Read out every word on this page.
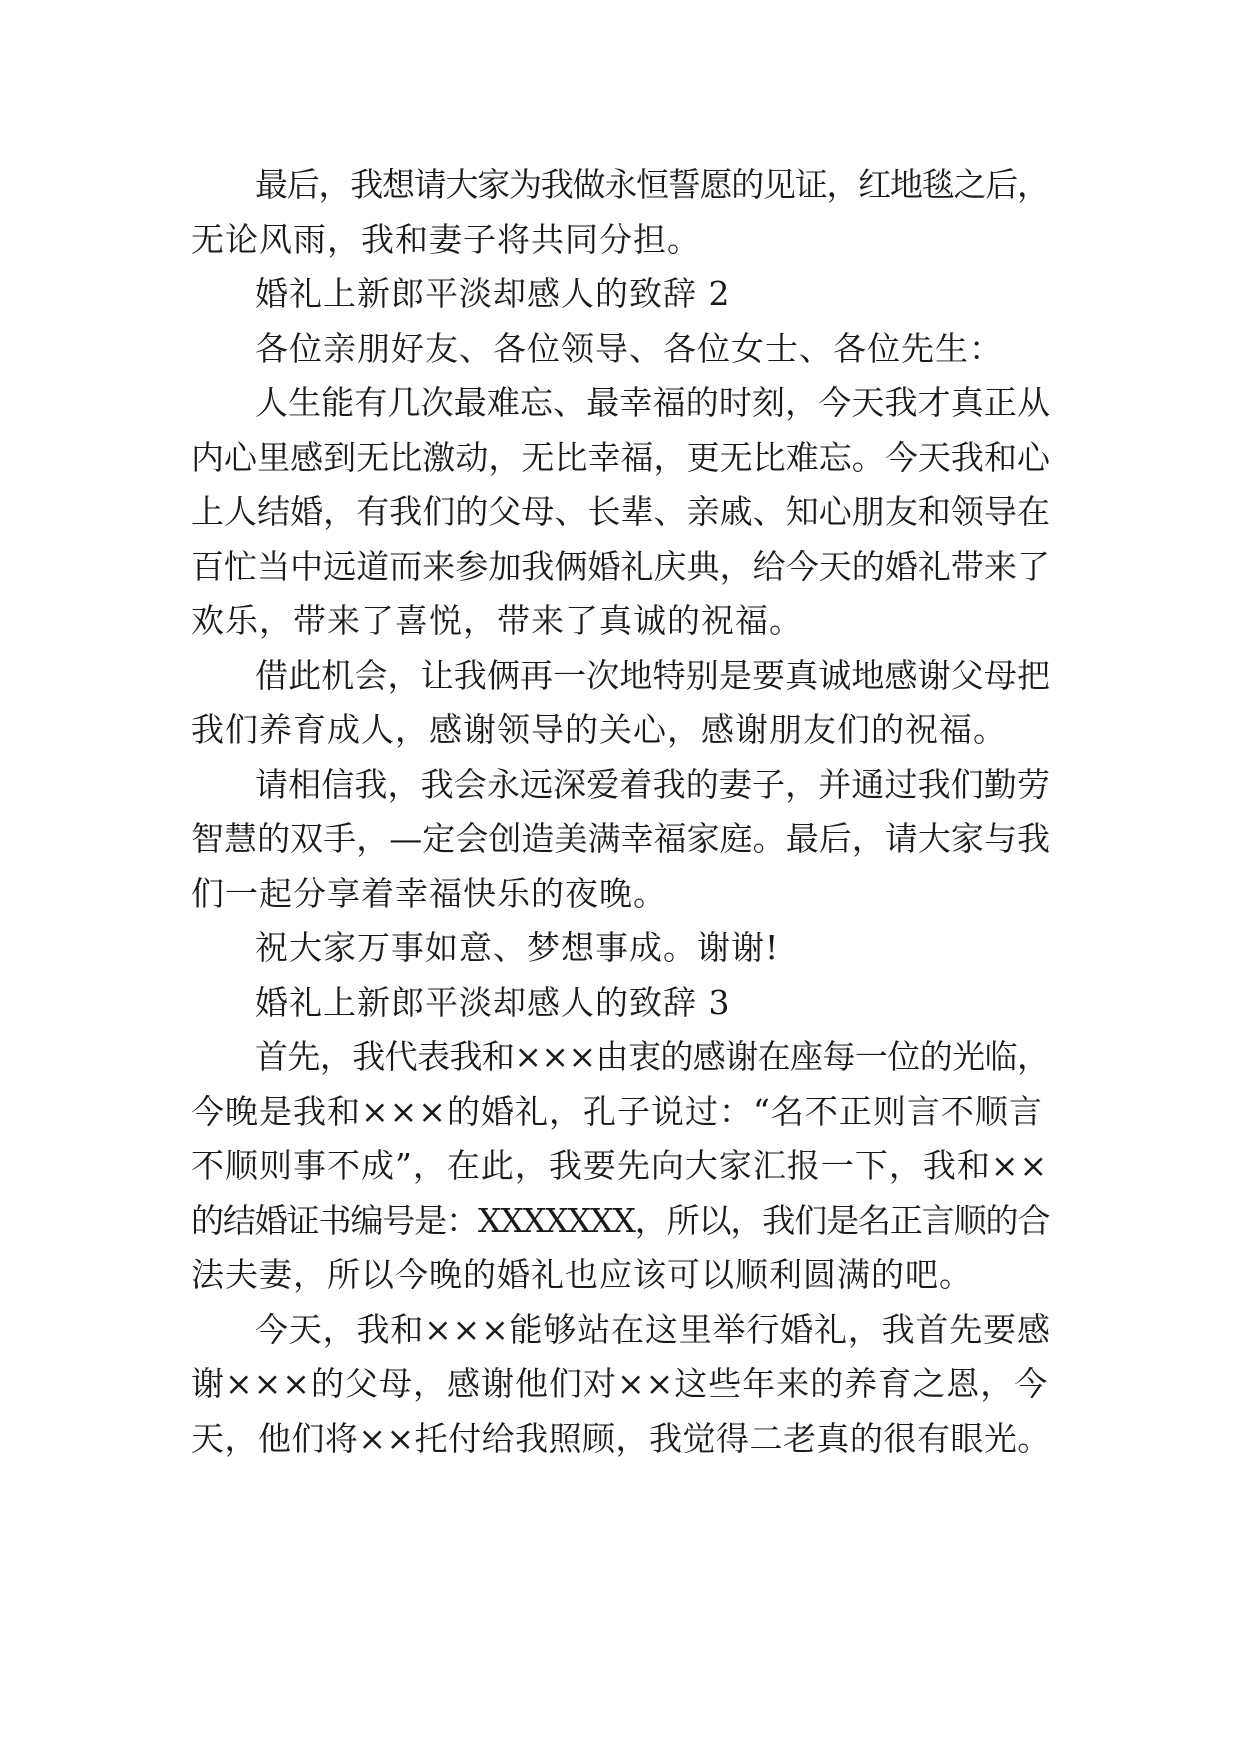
最后，我想请大家为我做永恒誓愿的见证，红地毯之后，
无论风雨，我和妻子将共同分担。
婚礼上新郎平淡却感人的致辞 2
各位亲朋好友、各位领导、各位女士、各位先生：
人生能有几次最难忘、最幸福的时刻，今天我才真正从
内心里感到无比激动，无比幸福，更无比难忘。今天我和心
上人结婚，有我们的父母、长辈、亲戚、知心朋友和领导在
百忙当中远道而来参加我俩婚礼庆典，给今天的婚礼带来了
欢乐，带来了喜悦，带来了真诚的祝福。
借此机会，让我俩再一次地特别是要真诚地感谢父母把
我们养育成人，感谢领导的关心，感谢朋友们的祝福。
请相信我，我会永远深爱着我的妻子，并通过我们勤劳
智慧的双手，—定会创造美满幸福家庭。最后，请大家与我
们一起分享着幸福快乐的夜晚。
祝大家万事如意、梦想事成。谢谢!
婚礼上新郎平淡却感人的致辞 3
首先，我代表我和×××由衷的感谢在座每一位的光临，
今晚是我和×××的婚礼，孔子说过：“名不正则言不顺言
不顺则事不成”，在此，我要先向大家汇报一下，我和××
的结婚证书编号是：XXXXXXX，所以，我们是名正言顺的合
法夫妻，所以今晚的婚礼也应该可以顺利圆满的吧。
今天，我和×××能够站在这里举行婚礼，我首先要感
谢×××的父母，感谢他们对××这些年来的养育之恩，今
天，他们将××托付给我照顾，我觉得二老真的很有眼光。
